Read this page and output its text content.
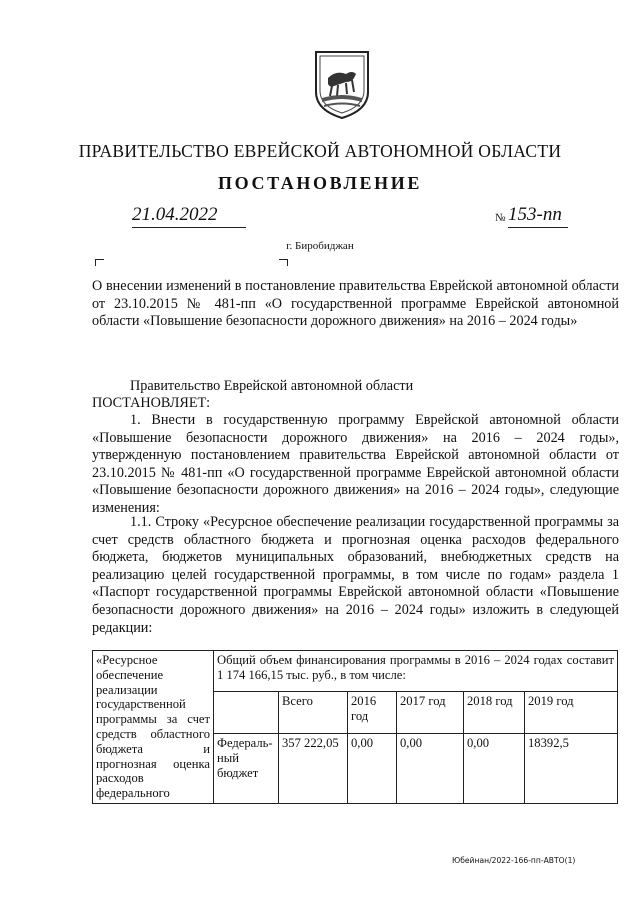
ПРАВИТЕЛЬСТВО ЕВРЕЙСКОЙ АВТОНОМНОЙ ОБЛАСТИ
ПОСТАНОВЛЕНИЕ
21.04.2022	№ 153-пп
г. Биробиджан
О внесении изменений в постановление правительства Еврейской автономной области от 23.10.2015 № 481-пп «О государственной программе Еврейской автономной области «Повышение безопасности дорожного движения» на 2016 – 2024 годы»
Правительство Еврейской автономной области
ПОСТАНОВЛЯЕТ:
1. Внести в государственную программу Еврейской автономной области «Повышение безопасности дорожного движения» на 2016 – 2024 годы», утвержденную постановлением правительства Еврейской автономной области от 23.10.2015 № 481-пп «О государственной программе Еврейской автономной области «Повышение безопасности дорожного движения» на 2016 – 2024 годы», следующие изменения:
1.1. Строку «Ресурсное обеспечение реализации государственной программы за счет средств областного бюджета и прогнозная оценка расходов федерального бюджета, бюджетов муниципальных образований, внебюджетных средств на реализацию целей государственной программы, в том числе по годам» раздела 1 «Паспорт государственной программы Еврейской автономной области «Повышение безопасности дорожного движения» на 2016 – 2024 годы» изложить в следующей редакции:
«Ресурсное обеспечение реализации государственной программы за счет средств областного бюджета и прогнозная оценка расходов федерального	Общий объем финансирования программы в 2016 – 2024 годах составит 1 174 166,15 тыс. руб., в том числе:					
		Всего	2016 год	2017 год	2018 год	2019 год
	Федераль-ный бюджет	357 222,05	0,00	0,00	0,00	18392,5
Юбейнан/2022-166-пп-АВТО(1)
